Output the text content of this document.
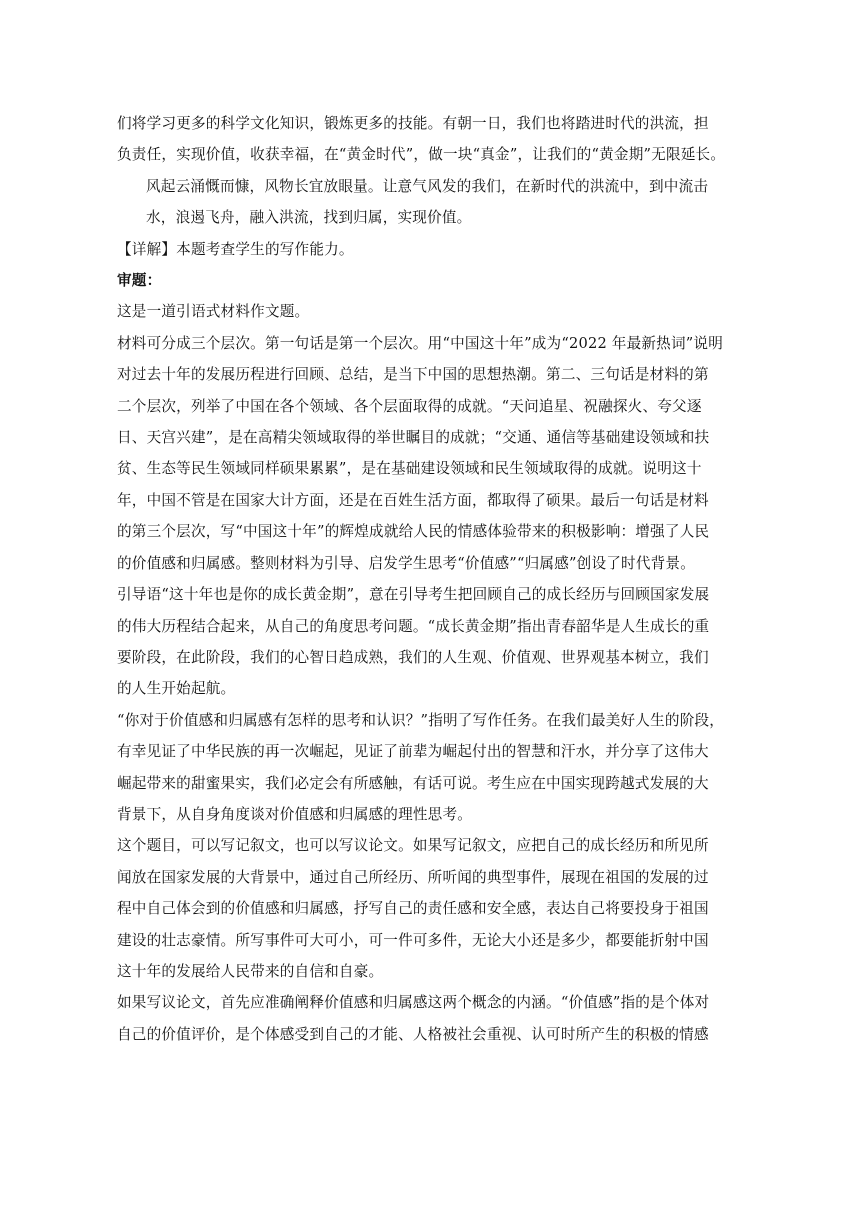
们将学习更多的科学文化知识，锻炼更多的技能。有朝一日，我们也将踏进时代的洪流，担
负责任，实现价值，收获幸福，在“黄金时代”，做一块“真金”，让我们的“黄金期”无限延长。

风起云涌慨而慷，风物长宜放眼量。让意气风发的我们，在新时代的洪流中，到中流击
水，浪遏飞舟，融入洪流，找到归属，实现价值。

【详解】本题考查学生的写作能力。

审题：

这是一道引语式材料作文题。

材料可分成三个层次。第一句话是第一个层次。用“中国这十年”成为“2022 年最新热词”说明
对过去十年的发展历程进行回顾、总结，是当下中国的思想热潮。第二、三句话是材料的第
二个层次，列举了中国在各个领域、各个层面取得的成就。“天问追星、祝融探火、夸父逐
日、天宫兴建”，是在高精尖领域取得的举世瞩目的成就；“交通、通信等基础建设领域和扶
贫、生态等民生领域同样硕果累累”，是在基础建设领域和民生领域取得的成就。说明这十
年，中国不管是在国家大计方面，还是在百姓生活方面，都取得了硕果。最后一句话是材料
的第三个层次，写“中国这十年”的辉煌成就给人民的情感体验带来的积极影响：增强了人民
的价值感和归属感。整则材料为引导、启发学生思考“价值感”“归属感”创设了时代背景。

引导语“这十年也是你的成长黄金期”，意在引导考生把回顾自己的成长经历与回顾国家发展
的伟大历程结合起来，从自己的角度思考问题。“成长黄金期”指出青春韶华是人生成长的重
要阶段，在此阶段，我们的心智日趋成熟，我们的人生观、价值观、世界观基本树立，我们
的人生开始起航。

“你对于价值感和归属感有怎样的思考和认识？”指明了写作任务。在我们最美好人生的阶段，
有幸见证了中华民族的再一次崛起，见证了前辈为崛起付出的智慧和汗水，并分享了这伟大
崛起带来的甜蜜果实，我们必定会有所感触，有话可说。考生应在中国实现跨越式发展的大
背景下，从自身角度谈对价值感和归属感的理性思考。

这个题目，可以写记叙文，也可以写议论文。如果写记叙文，应把自己的成长经历和所见所
闻放在国家发展的大背景中，通过自己所经历、所听闻的典型事件，展现在祖国的发展的过
程中自己体会到的价值感和归属感，抒写自己的责任感和安全感，表达自己将要投身于祖国
建设的壮志豪情。所写事件可大可小，可一件可多件，无论大小还是多少，都要能折射中国
这十年的发展给人民带来的自信和自豪。

如果写议论文，首先应准确阐释价值感和归属感这两个概念的内涵。“价值感”指的是个体对
自己的价值评价，是个体感受到自己的才能、人格被社会重视、认可时所产生的积极的情感
